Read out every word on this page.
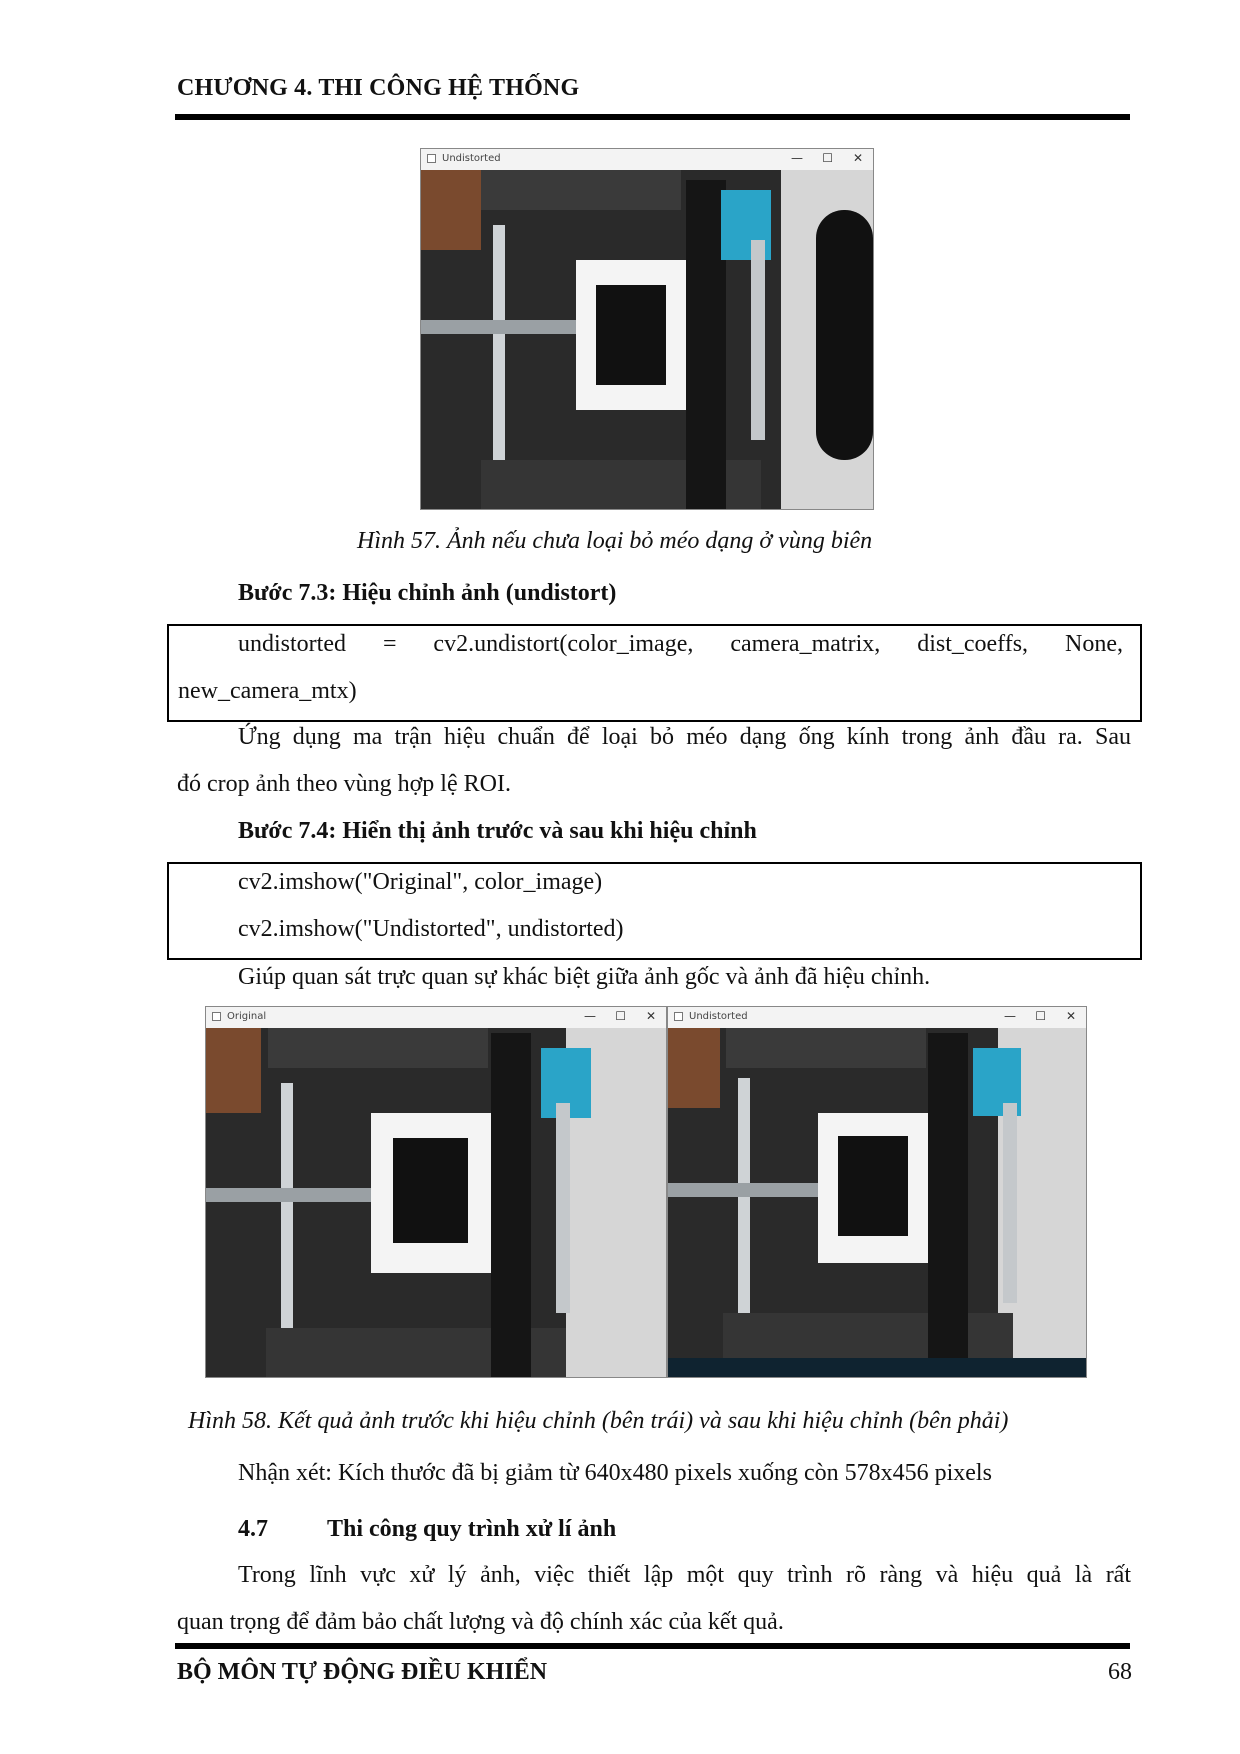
CHƯƠNG 4. THI CÔNG HỆ THỐNG
Undistorted	— ☐ ✕
Hình 57. Ảnh nếu chưa loại bỏ méo dạng ở vùng biên
Bước 7.3: Hiệu chỉnh ảnh (undistort)
undistorted = cv2.undistort(color_image, camera_matrix, dist_coeffs, None,
new_camera_mtx)
Ứng dụng ma trận hiệu chuẩn để loại bỏ méo dạng ống kính trong ảnh đầu ra. Sau
đó crop ảnh theo vùng hợp lệ ROI.
Bước 7.4: Hiển thị ảnh trước và sau khi hiệu chỉnh
cv2.imshow("Original", color_image)
cv2.imshow("Undistorted", undistorted)
Giúp quan sát trực quan sự khác biệt giữa ảnh gốc và ảnh đã hiệu chỉnh.
Original	— ☐ ✕	Undistorted	— ☐ ✕
Hình 58. Kết quả ảnh trước khi hiệu chỉnh (bên trái) và sau khi hiệu chỉnh (bên phải)
Nhận xét: Kích thước đã bị giảm từ 640x480 pixels xuống còn 578x456 pixels
4.7 Thi công quy trình xử lí ảnh
Trong lĩnh vực xử lý ảnh, việc thiết lập một quy trình rõ ràng và hiệu quả là rất
quan trọng để đảm bảo chất lượng và độ chính xác của kết quả.
BỘ MÔN TỰ ĐỘNG ĐIỀU KHIỂN	68
